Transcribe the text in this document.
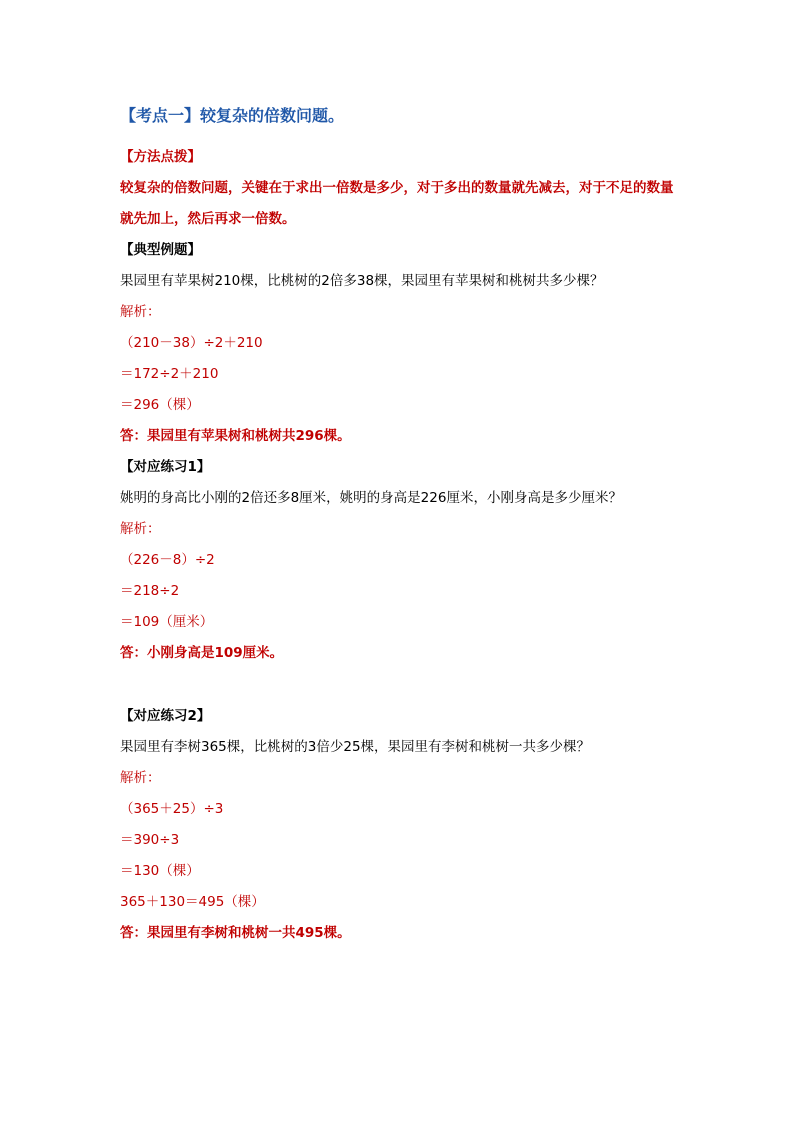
【考点一】较复杂的倍数问题。
【方法点拨】
较复杂的倍数问题，关键在于求出一倍数是多少，对于多出的数量就先减去，对于不足的数量就先加上，然后再求一倍数。
【典型例题】
果园里有苹果树210棵，比桃树的2倍多38棵，果园里有苹果树和桃树共多少棵？
解析：
（210－38）÷2＋210
＝172÷2＋210
＝296（棵）
答：果园里有苹果树和桃树共296棵。
【对应练习1】
姚明的身高比小刚的2倍还多8厘米，姚明的身高是226厘米，小刚身高是多少厘米？
解析：
（226－8）÷2
＝218÷2
＝109（厘米）
答：小刚身高是109厘米。
【对应练习2】
果园里有李树365棵，比桃树的3倍少25棵，果园里有李树和桃树一共多少棵？
解析：
（365＋25）÷3
＝390÷3
＝130（棵）
365＋130＝495（棵）
答：果园里有李树和桃树一共495棵。
